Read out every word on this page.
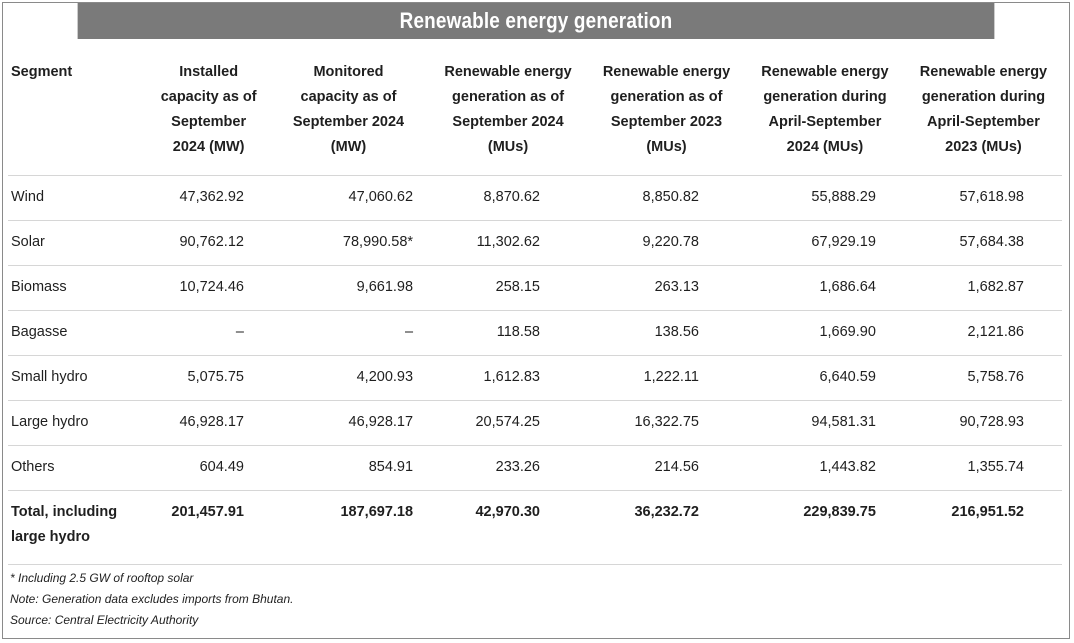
Renewable energy generation
Segment	Installed capacity as of September 2024 (MW)	Monitored capacity as of September 2024 (MW)	Renewable energy generation as of September 2024 (MUs)	Renewable energy generation as of September 2023 (MUs)	Renewable energy generation during April-September 2024 (MUs)	Renewable energy generation during April-September 2023 (MUs)
Wind	47,362.92	47,060.62	8,870.62	8,850.82	55,888.29	57,618.98
Solar	90,762.12	78,990.58*	11,302.62	9,220.78	67,929.19	57,684.38
Biomass	10,724.46	9,661.98	258.15	263.13	1,686.64	1,682.87
Bagasse	–	–	118.58	138.56	1,669.90	2,121.86
Small hydro	5,075.75	4,200.93	1,612.83	1,222.11	6,640.59	5,758.76
Large hydro	46,928.17	46,928.17	20,574.25	16,322.75	94,581.31	90,728.93
Others	604.49	854.91	233.26	214.56	1,443.82	1,355.74
Total, including large hydro	201,457.91	187,697.18	42,970.30	36,232.72	229,839.75	216,951.52
* Including 2.5 GW of rooftop solar
Note: Generation data excludes imports from Bhutan.
Source: Central Electricity Authority
